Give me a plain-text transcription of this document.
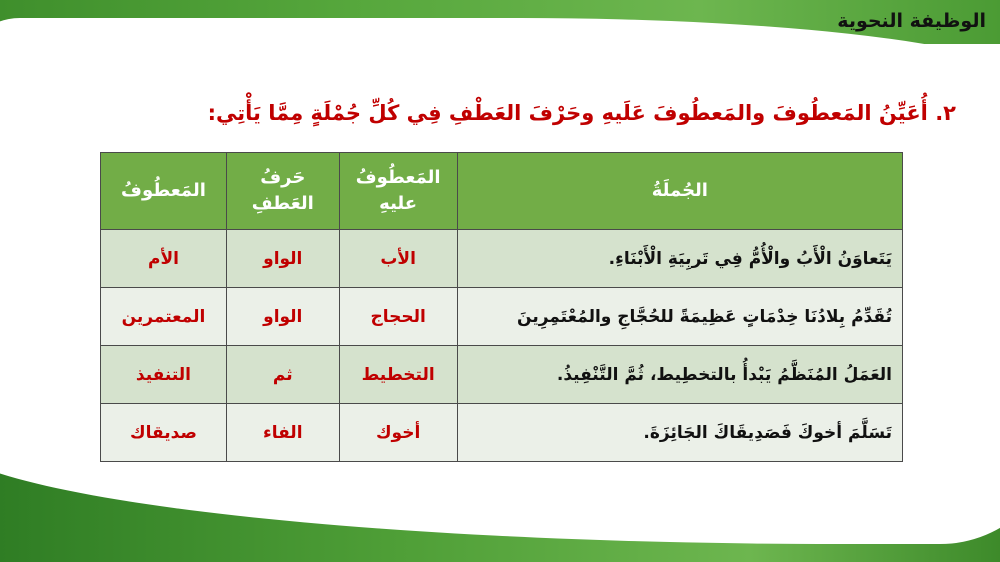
الوظيفة النحوية
٢. أُعَيِّنُ المَعطُوفَ والمَعطُوفَ عَلَيهِ وحَرْفَ العَطْفِ فِي كُلِّ جُمْلَةٍ مِمَّا يَأْتِي:
الجُملَةُ	المَعطُوفُ عليهِ	حَرفُ العَطفِ	المَعطُوفُ
يَتَعاوَنُ الْأَبُ والْأُمُّ فِي تَربِيَةِ الْأَبْنَاءِ.	الأب	الواو	الأم
تُقَدِّمُ بِلادُنَا خِدْمَاتٍ عَظِيمَةً للحُجَّاجِ والمُعْتَمِرِينَ	الحجاج	الواو	المعتمرين
العَمَلُ المُنَظَّمُ يَبْدأُ بالتخطِيط، ثُمَّ التَّنْفِيذُ.	التخطيط	ثم	التنفيذ
تَسَلَّمَ أخوكَ فَصَدِيقَاكَ الجَائِزَةَ.	أخوك	الفاء	صديقاك
